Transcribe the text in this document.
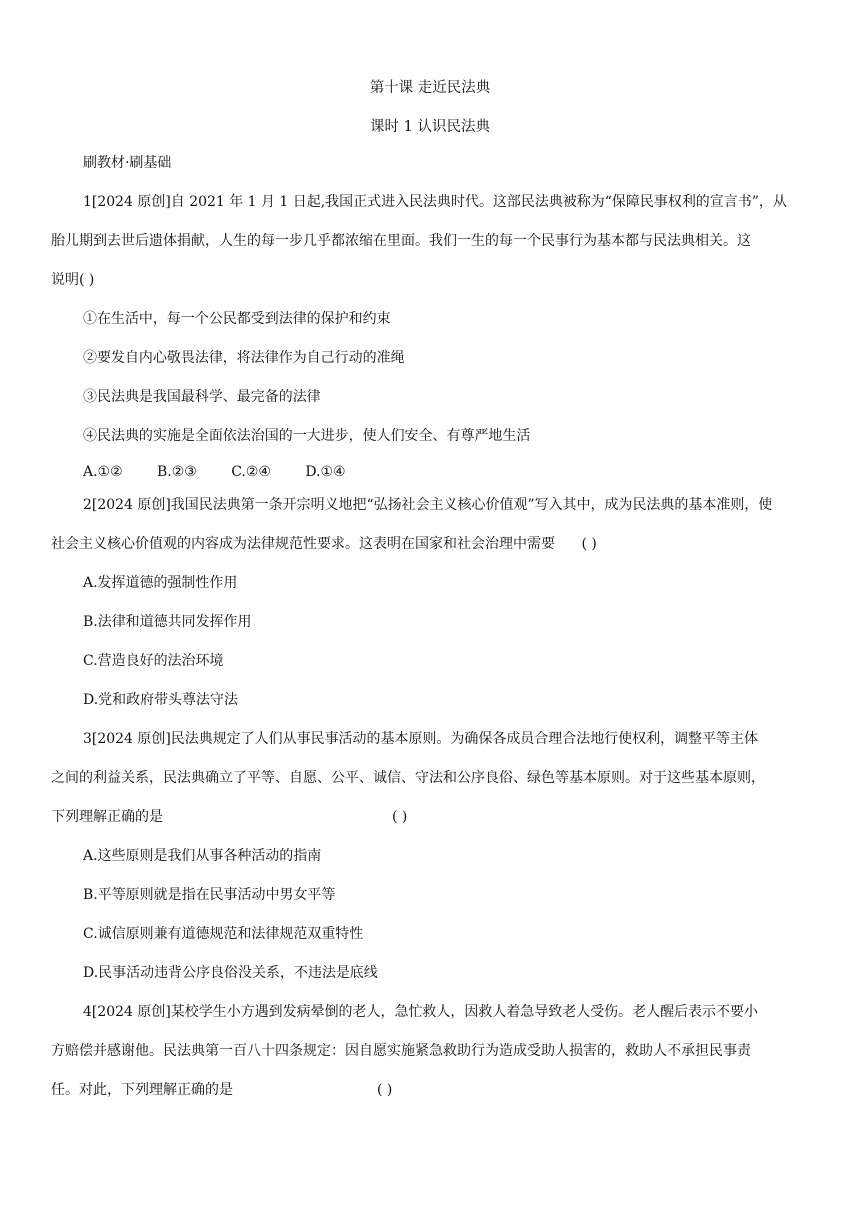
第十课 走近民法典
课时 1 认识民法典
刷教材·刷基础
1[2024 原创]自 2021 年 1 月 1 日起,我国正式进入民法典时代。这部民法典被称为“保障民事权利的宣言书”，从
胎儿期到去世后遗体捐献，人生的每一步几乎都浓缩在里面。我们一生的每一个民事行为基本都与民法典相关。这
说明( )
①在生活中，每一个公民都受到法律的保护和约束
②要发自内心敬畏法律，将法律作为自己行动的准绳
③民法典是我国最科学、最完备的法律
④民法典的实施是全面依法治国的一大进步，使人们安全、有尊严地生活
A.①② B.②③ C.②④ D.①④
2[2024 原创]我国民法典第一条开宗明义地把“弘扬社会主义核心价值观”写入其中，成为民法典的基本准则，使
社会主义核心价值观的内容成为法律规范性要求。这表明在国家和社会治理中需要 ( )
A.发挥道德的强制性作用
B.法律和道德共同发挥作用
C.营造良好的法治环境
D.党和政府带头尊法守法
3[2024 原创]民法典规定了人们从事民事活动的基本原则。为确保各成员合理合法地行使权利，调整平等主体
之间的利益关系，民法典确立了平等、自愿、公平、诚信、守法和公序良俗、绿色等基本原则。对于这些基本原则，
下列理解正确的是	( )
A.这些原则是我们从事各种活动的指南
B.平等原则就是指在民事活动中男女平等
C.诚信原则兼有道德规范和法律规范双重特性
D.民事活动违背公序良俗没关系，不违法是底线
4[2024 原创]某校学生小方遇到发病晕倒的老人，急忙救人，因救人着急导致老人受伤。老人醒后表示不要小
方赔偿并感谢他。民法典第一百八十四条规定：因自愿实施紧急救助行为造成受助人损害的，救助人不承担民事责
任。对此，下列理解正确的是	( )
